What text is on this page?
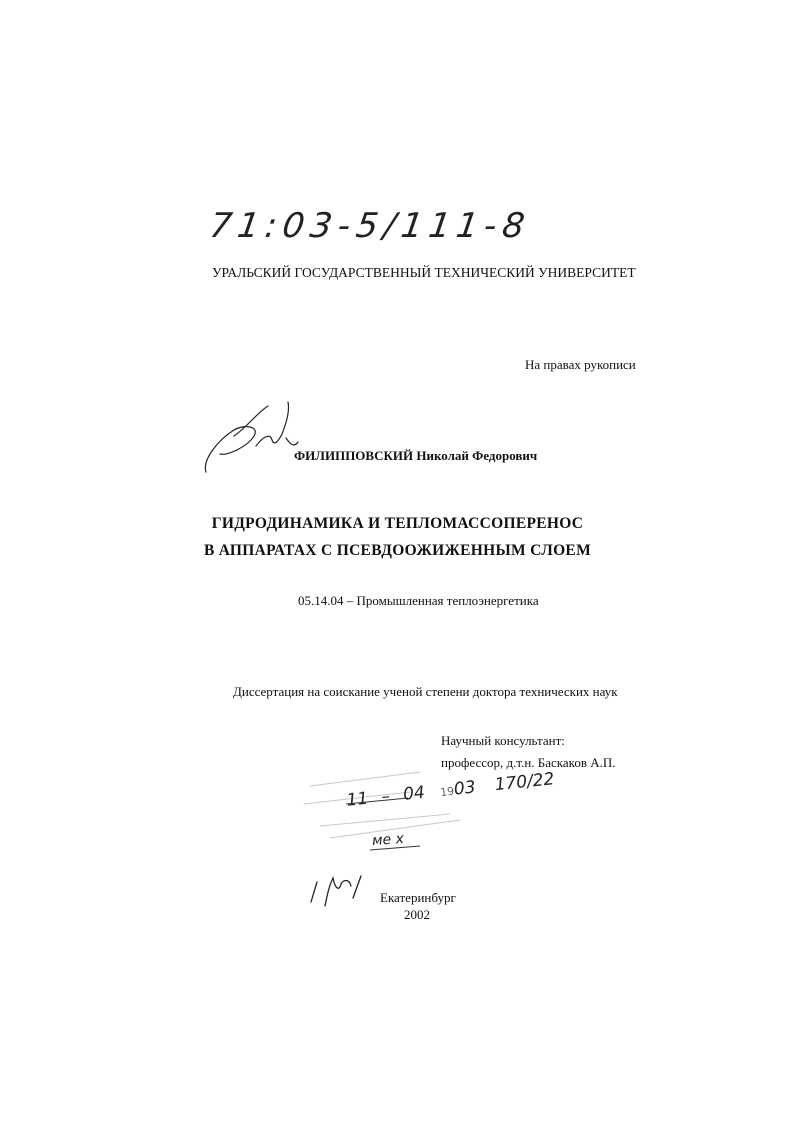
71:03-5/111-8
УРАЛЬСКИЙ ГОСУДАРСТВЕННЫЙ ТЕХНИЧЕСКИЙ УНИВЕРСИТЕТ
На правах рукописи
ФИЛИППОВСКИЙ Николай Федорович
ГИДРОДИНАМИКА И ТЕПЛОМАССОПЕРЕНОС
В АППАРАТАХ С ПСЕВДООЖИЖЕННЫМ СЛОЕМ
05.14.04 – Промышленная теплоэнергетика
Диссертация на соискание ученой степени доктора технических наук
Научный консультант:
профессор, д.т.н. Баскаков А.П.
11 – 04 1903 170/22
ме х
Екатеринбург
2002
